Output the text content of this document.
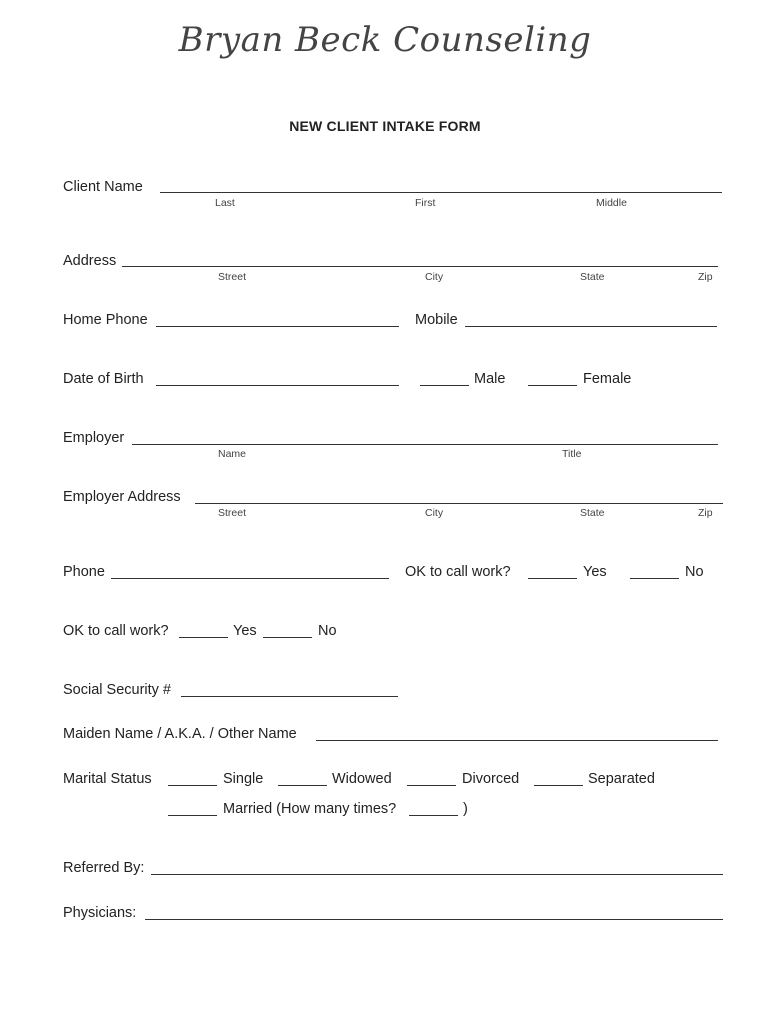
Bryan Beck Counseling
NEW CLIENT INTAKE FORM
Client Name
Last	First	Middle
Address
Street	City	State	Zip
Home Phone	Mobile
Date of Birth	Male	Female
Employer
Name	Title
Employer Address
Street	City	State	Zip
Phone	OK to call work?	Yes	No
OK to call work?	Yes	No
Social Security #
Maiden Name / A.K.A. / Other Name
Marital Status	Single	Widowed	Divorced	Separated
Married (How many times?	)
Referred By:
Physicians:
